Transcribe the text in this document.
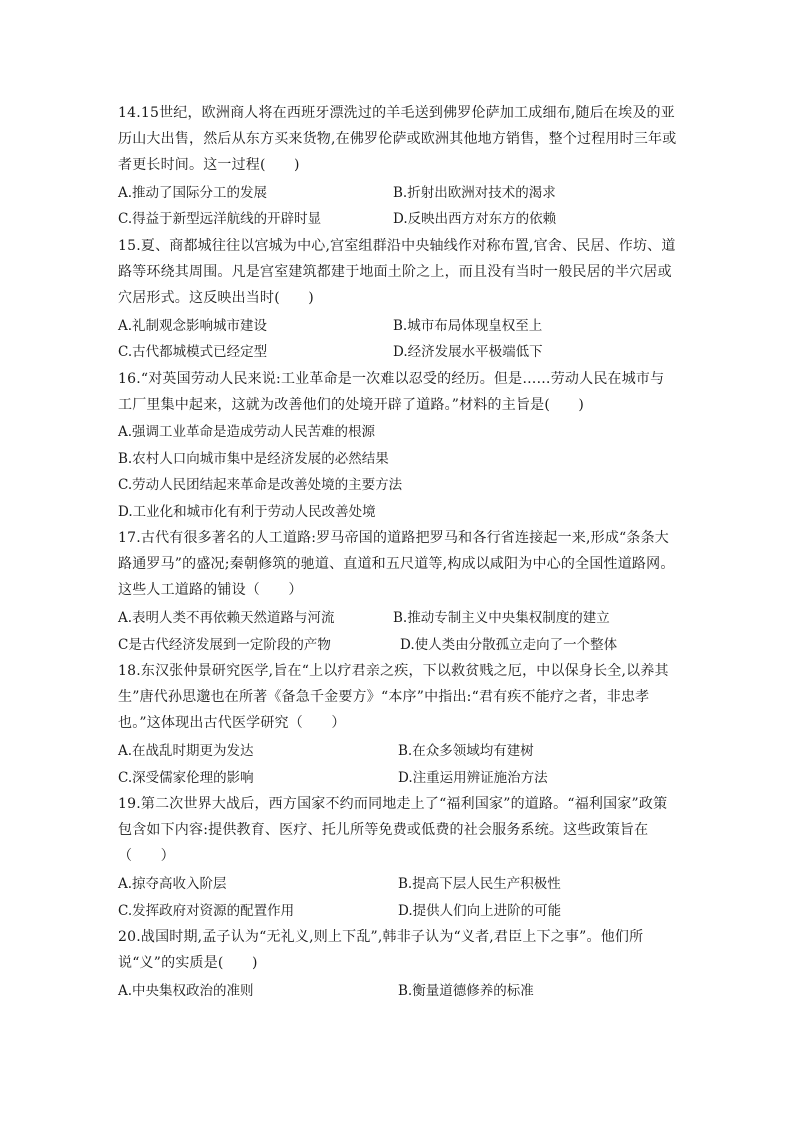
14.15世纪，欧洲商人将在西班牙漂洗过的羊毛送到佛罗伦萨加工成细布,随后在埃及的亚历山大出售，然后从东方买来货物,在佛罗伦萨或欧洲其他地方销售，整个过程用时三年或者更长时间。这一过程(　　)
A.推动了国际分工的发展	B.折射出欧洲对技术的渴求
C.得益于新型远洋航线的开辟时显	D.反映出西方对东方的依赖
15.夏、商都城往往以宫城为中心,宫室组群沿中央轴线作对称布置,官舍、民居、作坊、道路等环绕其周围。凡是宫室建筑都建于地面土阶之上，而且没有当时一般民居的半穴居或穴居形式。这反映出当时(　　)
A.礼制观念影响城市建设	B.城市布局体现皇权至上
C.古代都城模式已经定型	D.经济发展水平极端低下
16.“对英国劳动人民来说:工业革命是一次难以忍受的经历。但是……劳动人民在城市与工厂里集中起来，这就为改善他们的处境开辟了道路。”材料的主旨是(　　)
A.强调工业革命是造成劳动人民苦难的根源
B.农村人口向城市集中是经济发展的必然结果
C.劳动人民团结起来革命是改善处境的主要方法
D.工业化和城市化有利于劳动人民改善处境
17.古代有很多著名的人工道路:罗马帝国的道路把罗马和各行省连接起一来,形成“条条大路通罗马”的盛况;秦朝修筑的驰道、直道和五尺道等,构成以咸阳为中心的全国性道路网。这些人工道路的铺设（　　）
A.表明人类不再依赖天然道路与河流	B.推动专制主义中央集权制度的建立
C是古代经济发展到一定阶段的产物	D.使人类由分散孤立走向了一个整体
18.东汉张仲景研究医学,旨在“上以疗君亲之疾，下以救贫贱之厄，中以保身长全,以养其生”唐代孙思邈也在所著《备急千金要方》“本序”中指出:“君有疾不能疗之者，非忠孝也。”这体现出古代医学研究（　　）
A.在战乱时期更为发达	B.在众多领域均有建树
C.深受儒家伦理的影响	D.注重运用辨证施治方法
19.第二次世界大战后，西方国家不约而同地走上了“福利国家”的道路。“福利国家”政策包含如下内容:提供教育、医疗、托儿所等免费或低费的社会服务系统。这些政策旨在（　　）
A.掠夺高收入阶层	B.提高下层人民生产积极性
C.发挥政府对资源的配置作用	D.提供人们向上进阶的可能
20.战国时期,孟子认为“无礼义,则上下乱”,韩非子认为“义者,君臣上下之事”。他们所说“义”的实质是(　　)
A.中央集权政治的准则	B.衡量道德修养的标准
